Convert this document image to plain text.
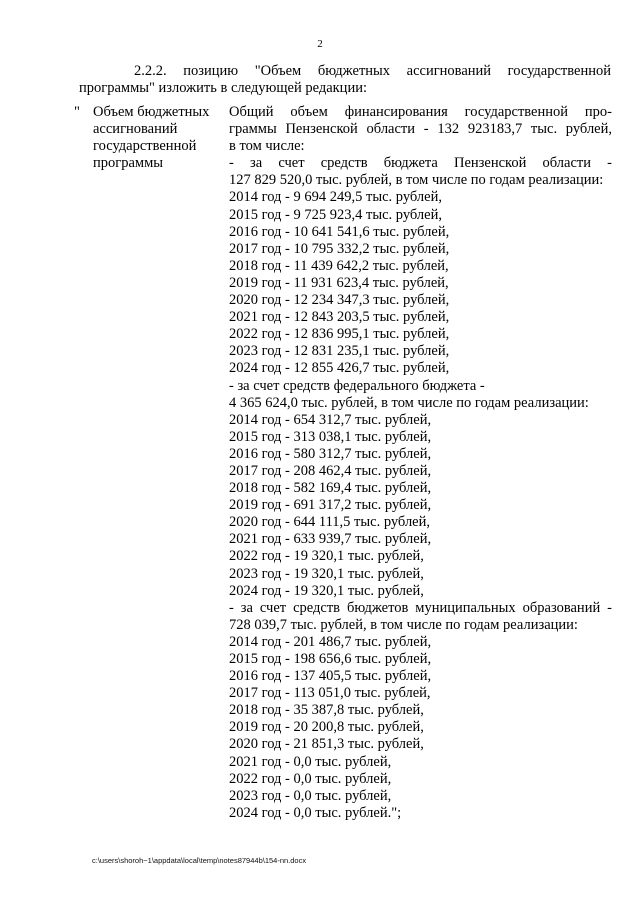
2
2.2.2. позицию "Объем бюджетных ассигнований государственной
программы" изложить в следующей редакции:
" Объем бюджетных
ассигнований
государственной
программы
Общий объем финансирования государственной про-
граммы Пензенской области - 132 923183,7 тыс. рублей,
в том числе:
- за счет средств бюджета Пензенской области -
127 829 520,0 тыс. рублей, в том числе по годам реализации:
2014 год - 9 694 249,5 тыс. рублей,
2015 год - 9 725 923,4 тыс. рублей,
2016 год - 10 641 541,6 тыс. рублей,
2017 год - 10 795 332,2 тыс. рублей,
2018 год - 11 439 642,2 тыс. рублей,
2019 год - 11 931 623,4 тыс. рублей,
2020 год - 12 234 347,3 тыс. рублей,
2021 год - 12 843 203,5 тыс. рублей,
2022 год - 12 836 995,1 тыс. рублей,
2023 год - 12 831 235,1 тыс. рублей,
2024 год - 12 855 426,7 тыс. рублей,
- за счет средств федерального бюджета -
4 365 624,0 тыс. рублей, в том числе по годам реализации:
2014 год - 654 312,7 тыс. рублей,
2015 год - 313 038,1 тыс. рублей,
2016 год - 580 312,7 тыс. рублей,
2017 год - 208 462,4 тыс. рублей,
2018 год - 582 169,4 тыс. рублей,
2019 год - 691 317,2 тыс. рублей,
2020 год - 644 111,5 тыс. рублей,
2021 год - 633 939,7 тыс. рублей,
2022 год - 19 320,1 тыс. рублей,
2023 год - 19 320,1 тыс. рублей,
2024 год - 19 320,1 тыс. рублей,
- за счет средств бюджетов муниципальных образований -
728 039,7 тыс. рублей, в том числе по годам реализации:
2014 год - 201 486,7 тыс. рублей,
2015 год - 198 656,6 тыс. рублей,
2016 год - 137 405,5 тыс. рублей,
2017 год - 113 051,0 тыс. рублей,
2018 год - 35 387,8 тыс. рублей,
2019 год - 20 200,8 тыс. рублей,
2020 год - 21 851,3 тыс. рублей,
2021 год - 0,0 тыс. рублей,
2022 год - 0,0 тыс. рублей,
2023 год - 0,0 тыс. рублей,
2024 год - 0,0 тыс. рублей.";
c:\users\shoroh~1\appdata\local\temp\notes87944b\154-nn.docx
